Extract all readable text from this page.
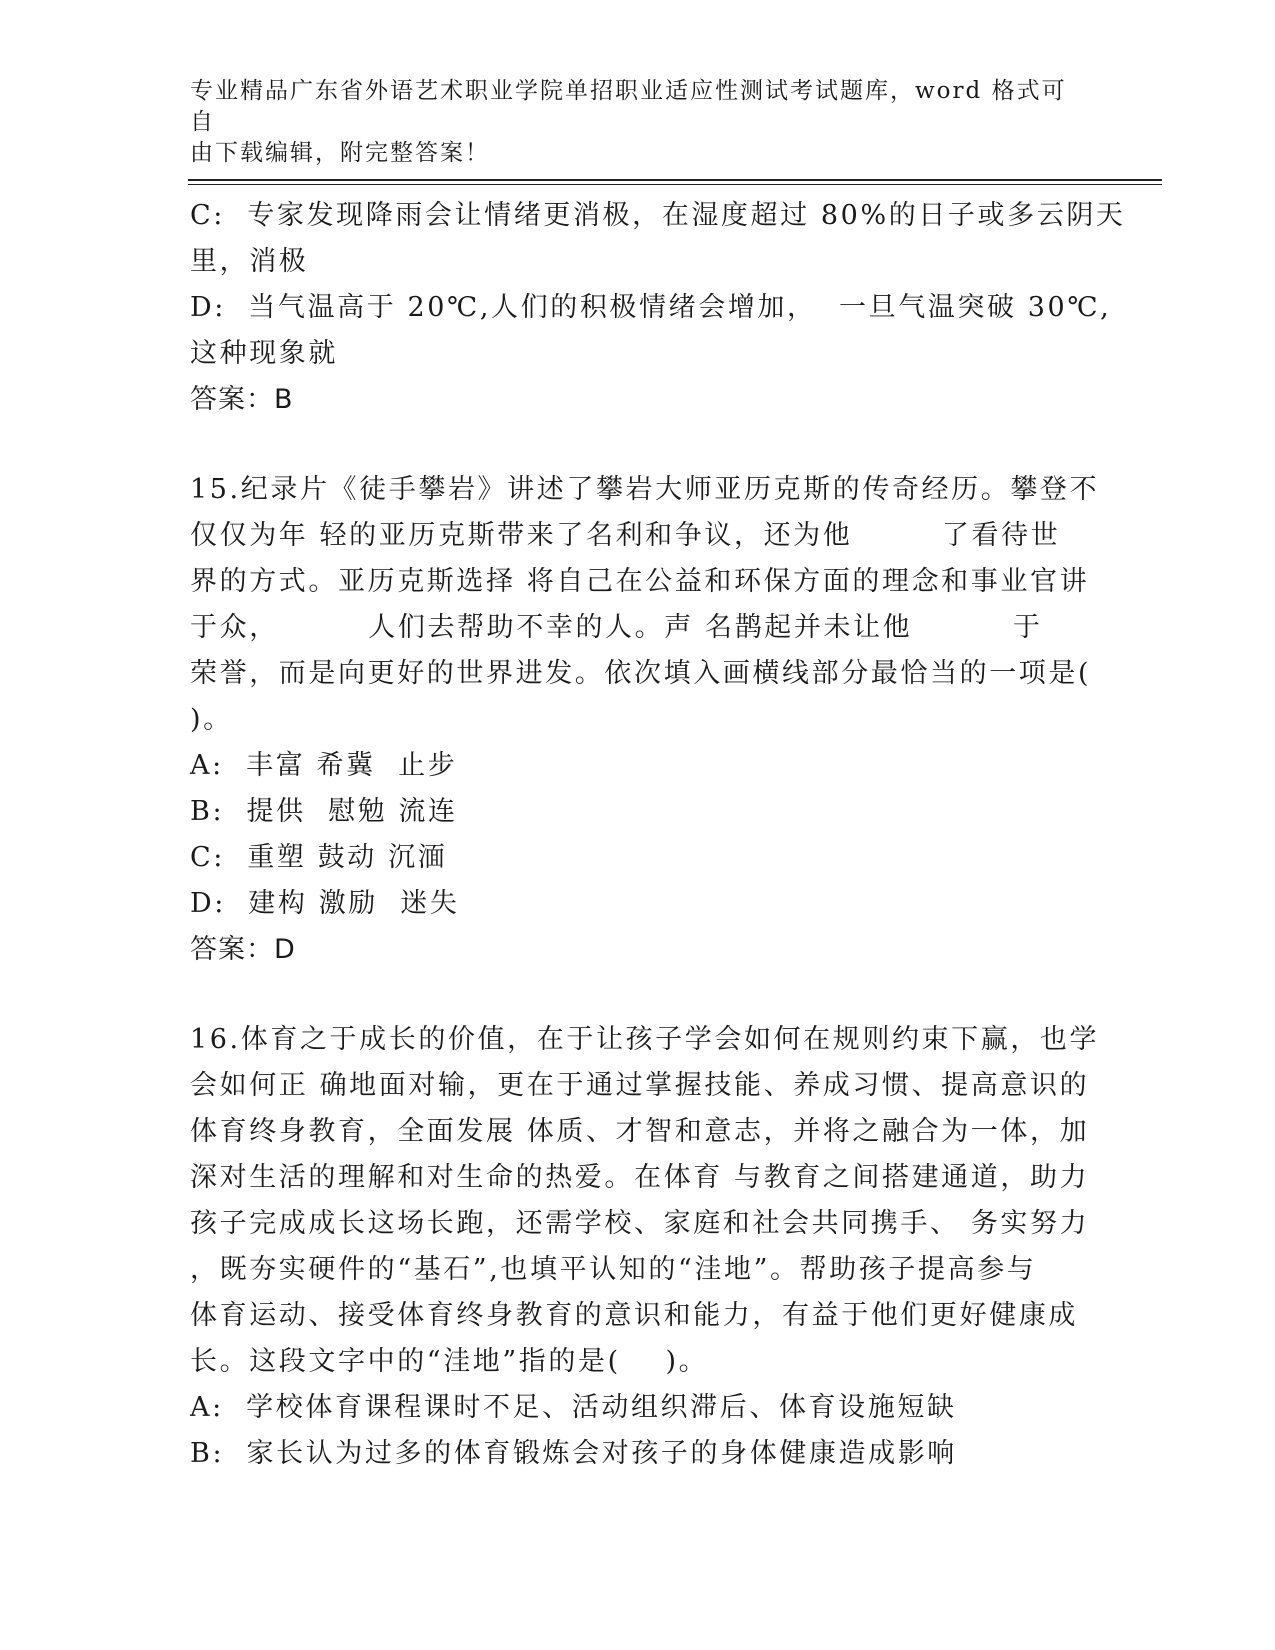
专业精品广东省外语艺术职业学院单招职业适应性测试考试题库，word 格式可自
由下载编辑，附完整答案！
C:  专家发现降雨会让情绪更消极，在湿度超过 80%的日子或多云阴天
里，消极
D:  当气温高于 20℃,人们的积极情绪会增加，  一旦气温突破 30℃,
这种现象就
答案：B
15.纪录片《徒手攀岩》讲述了攀岩大师亚历克斯的传奇经历。攀登不
仅仅为年 轻的亚历克斯带来了名利和争议，还为他        了看待世
界的方式。亚历克斯选择 将自己在公益和环保方面的理念和事业官讲
于众，        人们去帮助不幸的人。声 名鹊起并未让他         于
荣誉，而是向更好的世界进发。依次填入画横线部分最恰当的一项是(
)。
A:  丰富 希冀  止步
B:  提供  慰勉 流连
C:  重塑 鼓动 沉湎
D:  建构 激励  迷失
答案：D
16.体育之于成长的价值，在于让孩子学会如何在规则约束下赢，也学
会如何正 确地面对输，更在于通过掌握技能、养成习惯、提高意识的
体育终身教育，全面发展 体质、才智和意志，并将之融合为一体，加
深对生活的理解和对生命的热爱。在体育 与教育之间搭建通道，助力
孩子完成成长这场长跑，还需学校、家庭和社会共同携手、 务实努力
，既夯实硬件的“基石”,也填平认知的“洼地”。帮助孩子提高参与
体育运动、接受体育终身教育的意识和能力，有益于他们更好健康成
长。这段文字中的“洼地”指的是(    )。
A:  学校体育课程课时不足、活动组织滞后、体育设施短缺
B:  家长认为过多的体育锻炼会对孩子的身体健康造成影响
